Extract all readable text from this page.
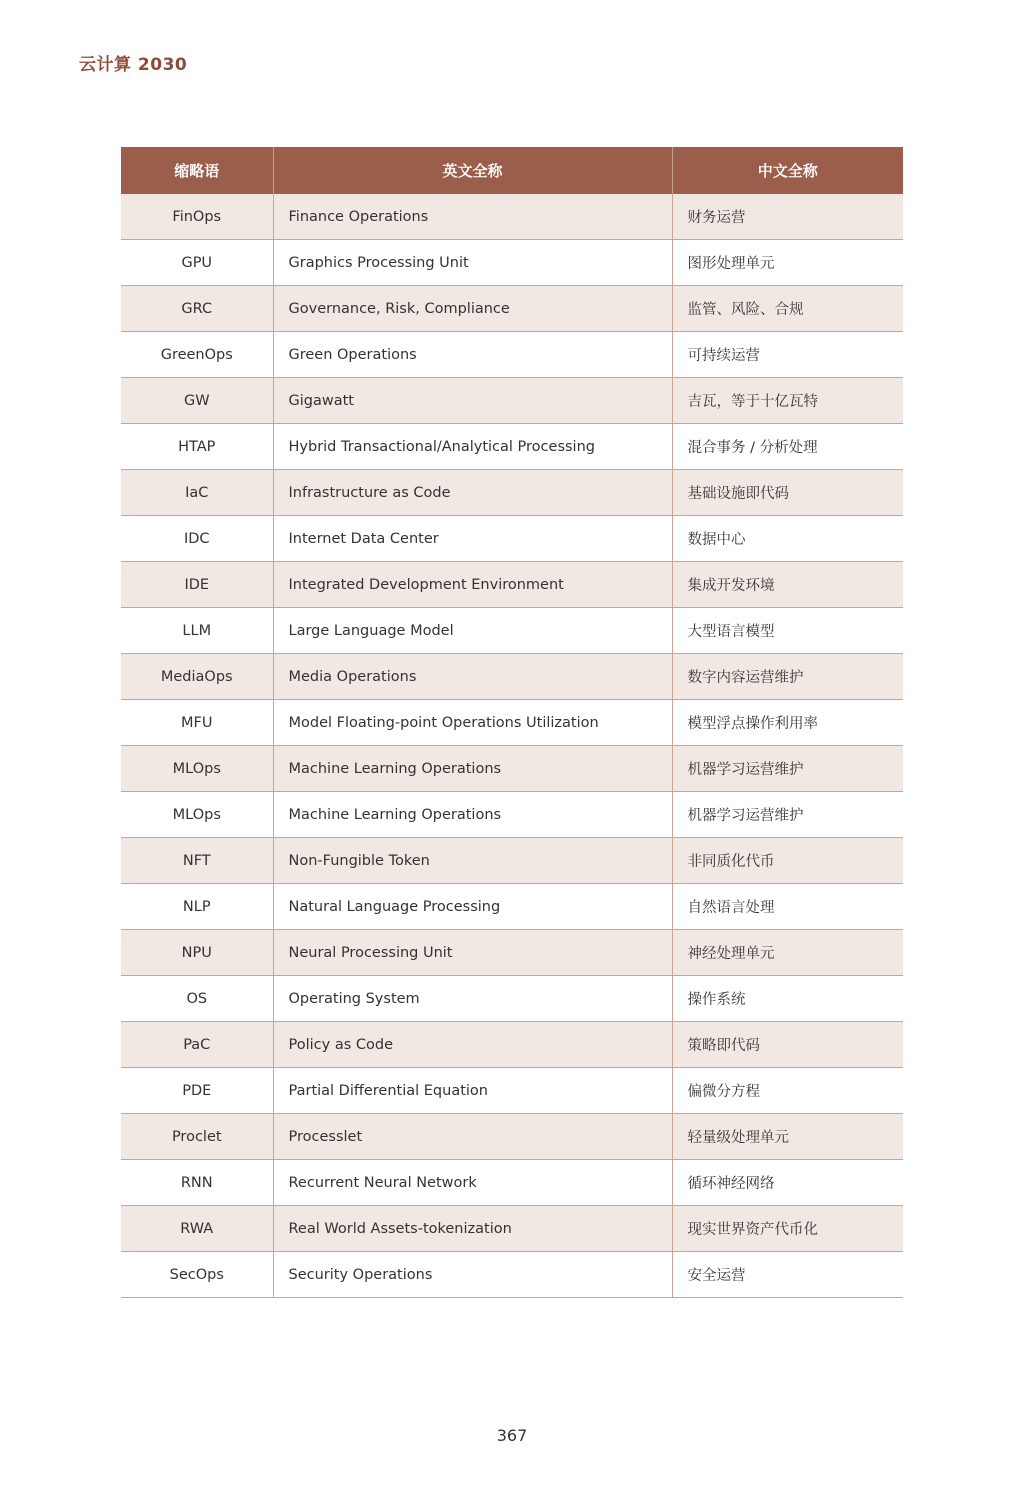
云计算 2030
缩略语	英文全称	中文全称
FinOps	Finance Operations	财务运营
GPU	Graphics Processing Unit	图形处理单元
GRC	Governance, Risk, Compliance	监管、风险、合规
GreenOps	Green Operations	可持续运营
GW	Gigawatt	吉瓦，等于十亿瓦特
HTAP	Hybrid Transactional/Analytical Processing	混合事务 / 分析处理
IaC	Infrastructure as Code	基础设施即代码
IDC	Internet Data Center	数据中心
IDE	Integrated Development Environment	集成开发环境
LLM	Large Language Model	大型语言模型
MediaOps	Media Operations	数字内容运营维护
MFU	Model Floating-point Operations Utilization	模型浮点操作利用率
MLOps	Machine Learning Operations	机器学习运营维护
MLOps	Machine Learning Operations	机器学习运营维护
NFT	Non-Fungible Token	非同质化代币
NLP	Natural Language Processing	自然语言处理
NPU	Neural Processing Unit	神经处理单元
OS	Operating System	操作系统
PaC	Policy as Code	策略即代码
PDE	Partial Differential Equation	偏微分方程
Proclet	Processlet	轻量级处理单元
RNN	Recurrent Neural Network	循环神经网络
RWA	Real World Assets-tokenization	现实世界资产代币化
SecOps	Security Operations	安全运营
367
